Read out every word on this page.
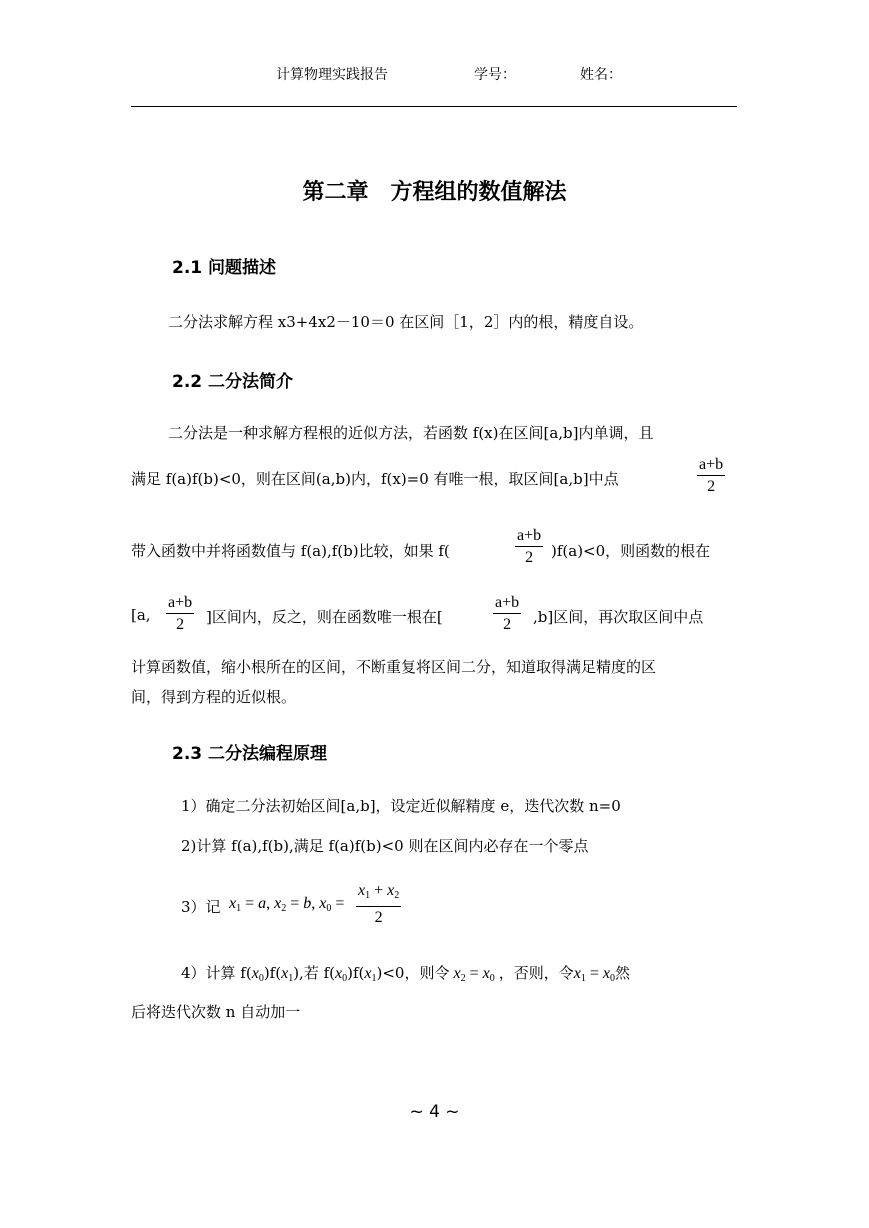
计算物理实践报告	学号：	姓名：
第二章　方程组的数值解法
2.1 问题描述
二分法求解方程 x3+4x2－10＝0 在区间［1，2］内的根，精度自设。
2.2 二分法简介
二分法是一种求解方程根的近似方法，若函数 f(x)在区间[a,b]内单调，且
满足 f(a)f(b)<0，则在区间(a,b)内，f(x)=0 有唯一根，取区间[a,b]中点
a+b
2
带入函数中并将函数值与 f(a),f(b)比较，如果 f(
a+b
2	)f(a)<0，则函数的根在
[a,
a+b
2	]区间内，反之，则在函数唯一根在[
a+b
2	,b]区间，再次取区间中点
计算函数值，缩小根所在的区间，不断重复将区间二分，知道取得满足精度的区
间，得到方程的近似根。
2.3 二分法编程原理
1）确定二分法初始区间[a,b]，设定近似解精度 e，迭代次数 n=0
2)计算 f(a),f(b),满足 f(a)f(b)<0 则在区间内必存在一个零点
3）记 $x_1 = a$, $x_2 = b$, $x_0$ =
$x_1 + x_2$
2
4）计算 $f(x_0)f(x_1)$,若 $f(x_0)f(x_1)<0$，则令 $x_2 = x_0$ ，否则，令$x_1 = x_0$然
后将迭代次数 n 自动加一
~ 4 ~
